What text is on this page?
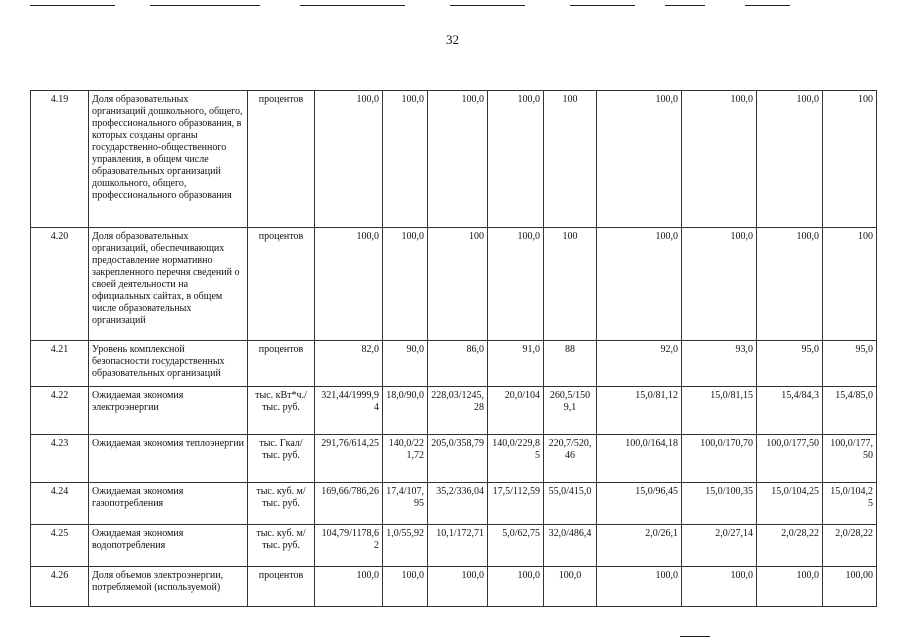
32
4.19	Доля образовательных организаций дошкольного, общего, профессионального образования, в которых созданы органы государственно-общественного управления, в общем числе образовательных организаций дошкольного, общего, профессионального образования	процентов	100,0	100,0	100,0	100,0	100	100,0	100,0	100,0	100
4.20	Доля образовательных организаций, обеспечивающих предоставление нормативно закрепленного перечня сведений о своей деятельности на официальных сайтах, в общем числе образовательных организаций	процентов	100,0	100,0	100	100,0	100	100,0	100,0	100,0	100
4.21	Уровень комплексной безопасности государственных образовательных организаций	процентов	82,0	90,0	86,0	91,0	88	92,0	93,0	95,0	95,0
4.22	Ожидаемая экономия электроэнергии	тыс. кВт*ч./тыс. руб.	321,44/1999,94	18,0/90,0	228,03/1245,28	20,0/104	260,5/1509,1	15,0/81,12	15,0/81,15	15,4/84,3	15,4/85,0
4.23	Ожидаемая экономия теплоэнергии	тыс. Гкал/тыс. руб.	291,76/614,25	140,0/221,72	205,0/358,79	140,0/229,85	220,7/520,46	100,0/164,18	100,0/170,70	100,0/177,50	100,0/177,50
4.24	Ожидаемая экономия газопотребления	тыс. куб. м/тыс. руб.	169,66/786,26	17,4/107,95	35,2/336,04	17,5/112,59	55,0/415,0	15,0/96,45	15,0/100,35	15,0/104,25	15,0/104,25
4.25	Ожидаемая экономия водопотребления	тыс. куб. м/тыс. руб.	104,79/1178,62	1,0/55,92	10,1/172,71	5,0/62,75	32,0/486,4	2,0/26,1	2,0/27,14	2,0/28,22	2,0/28,22
4.26	Доля объемов электроэнергии, потребляемой (используемой)	процентов	100,0	100,0	100,0	100,0	100,0	100,0	100,0	100,0	100,00
